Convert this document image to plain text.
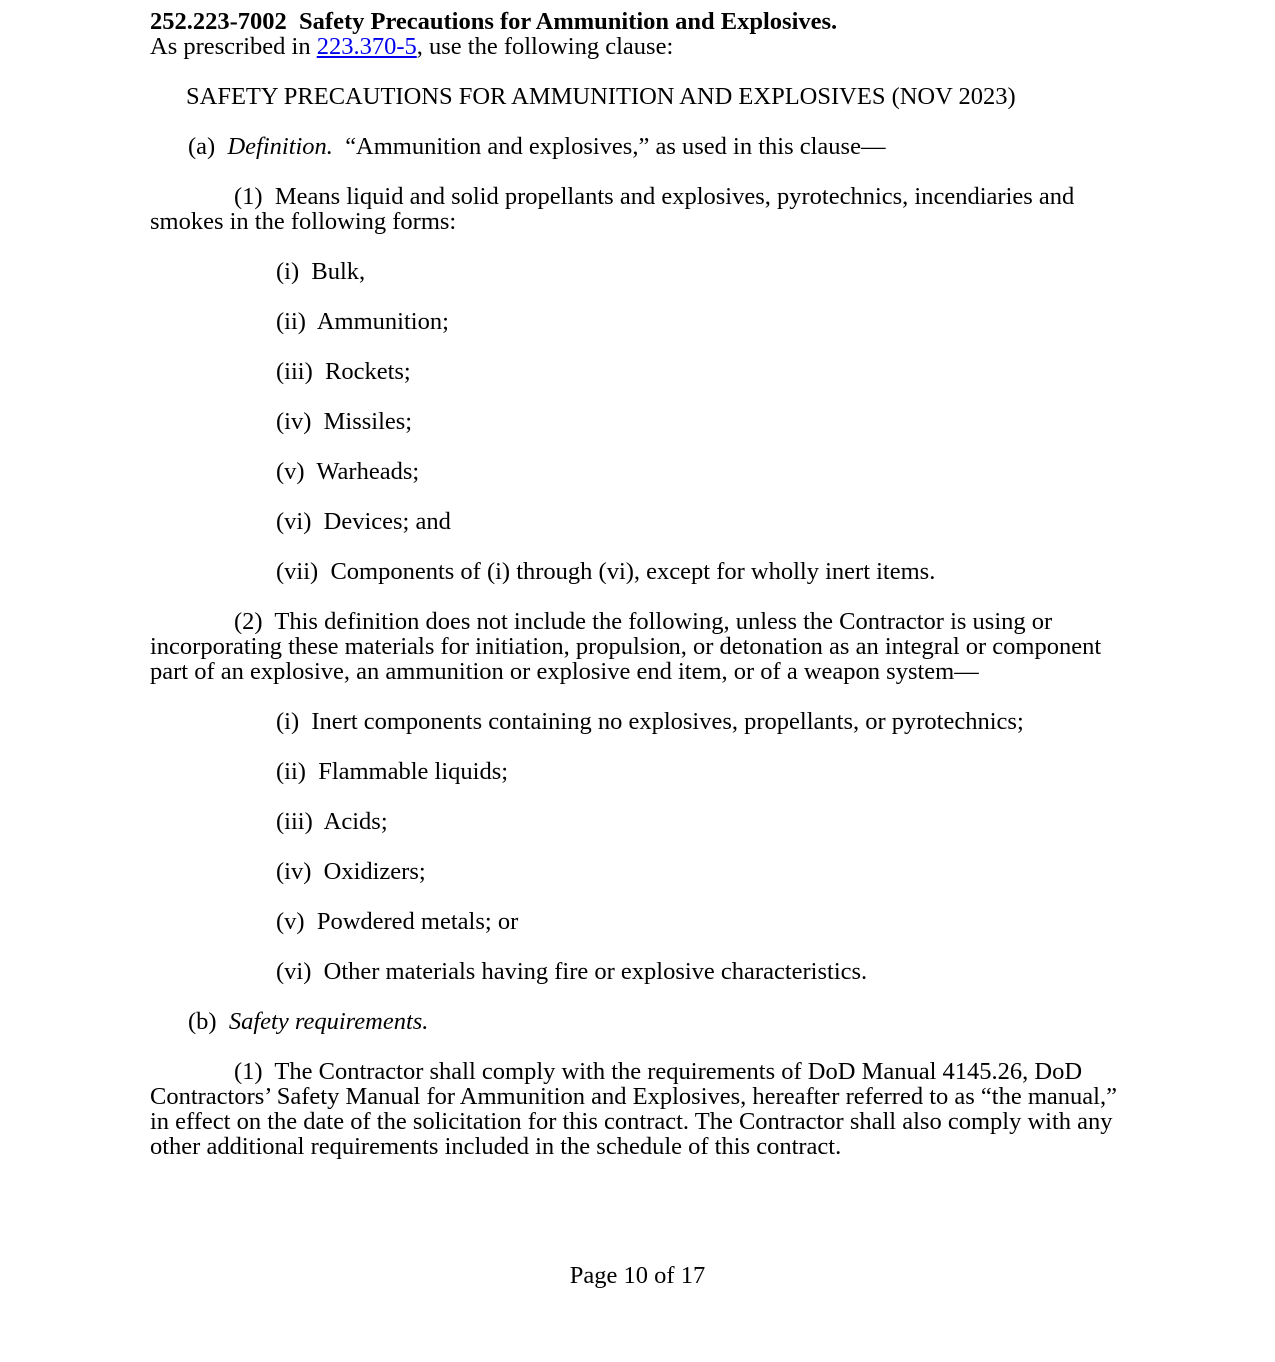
252.223-7002 Safety Precautions for Ammunition and Explosives.

As prescribed in 223.370-5, use the following clause:

SAFETY PRECAUTIONS FOR AMMUNITION AND EXPLOSIVES (NOV 2023)

(a) Definition. “Ammunition and explosives,” as used in this clause—

(1) Means liquid and solid propellants and explosives, pyrotechnics, incendiaries and smokes in the following forms:

(i) Bulk,

(ii) Ammunition;

(iii) Rockets;

(iv) Missiles;

(v) Warheads;

(vi) Devices; and

(vii) Components of (i) through (vi), except for wholly inert items.

(2) This definition does not include the following, unless the Contractor is using or incorporating these materials for initiation, propulsion, or detonation as an integral or component part of an explosive, an ammunition or explosive end item, or of a weapon system—

(i) Inert components containing no explosives, propellants, or pyrotechnics;

(ii) Flammable liquids;

(iii) Acids;

(iv) Oxidizers;

(v) Powdered metals; or

(vi) Other materials having fire or explosive characteristics.

(b) Safety requirements.

(1) The Contractor shall comply with the requirements of DoD Manual 4145.26, DoD Contractors’ Safety Manual for Ammunition and Explosives, hereafter referred to as “the manual,” in effect on the date of the solicitation for this contract. The Contractor shall also comply with any other additional requirements included in the schedule of this contract.

Page 10 of 17
